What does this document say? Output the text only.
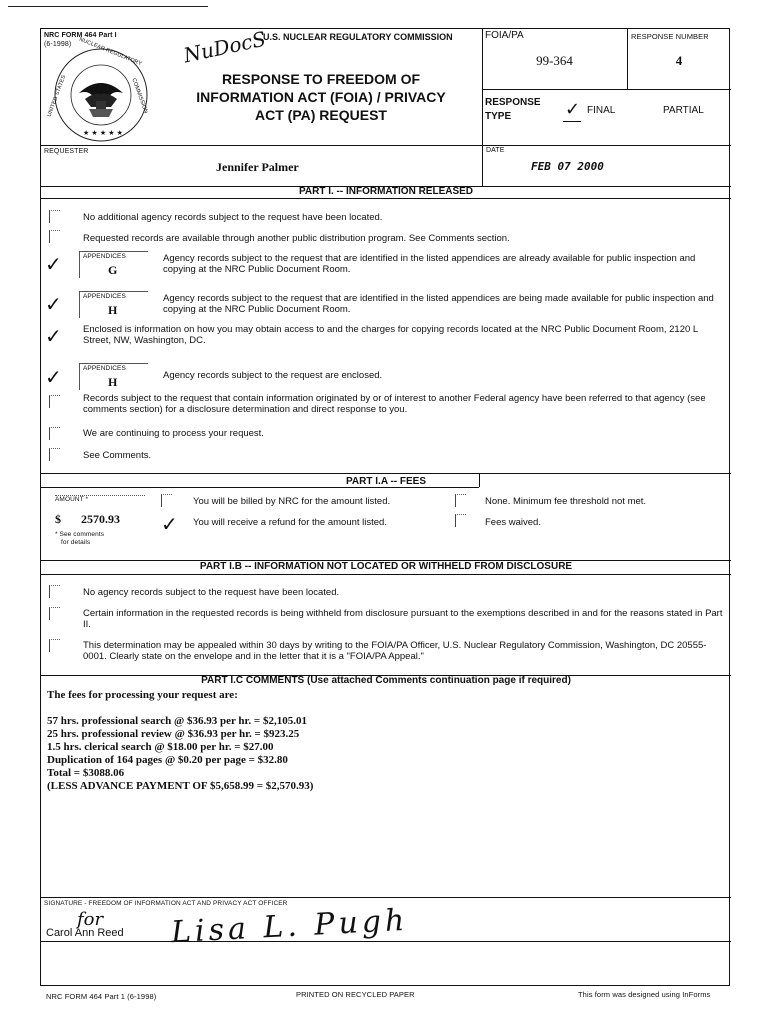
NRC FORM 464 Part I
(6-1998)
U.S. NUCLEAR REGULATORY COMMISSION
NuDocS
NUCLEAR REGULATORY
UNITED STATES	COMMISSION
★ ★ ★ ★ ★
RESPONSE TO FREEDOM OF
INFORMATION ACT (FOIA) / PRIVACY
ACT (PA) REQUEST
FOIA/PA
99-364
RESPONSE NUMBER
4
RESPONSE
TYPE	✓ FINAL	PARTIAL
REQUESTER
Jennifer Palmer
DATE
FEB 07 2000
PART I. -- INFORMATION RELEASED
No additional agency records subject to the request have been located.
Requested records are available through another public distribution program. See Comments section.
✓	APPENDICES
G
Agency records subject to the request that are identified in the listed appendices are already available for public inspection and copying at the NRC Public Document Room.
✓	APPENDICES
H
Agency records subject to the request that are identified in the listed appendices are being made available for public inspection and copying at the NRC Public Document Room.
✓ Enclosed is information on how you may obtain access to and the charges for copying records located at the NRC Public Document Room, 2120 L Street, NW, Washington, DC.
✓	APPENDICES
H	Agency records subject to the request are enclosed.
Records subject to the request that contain information originated by or of interest to another Federal agency have been referred to that agency (see comments section) for a disclosure determination and direct response to you.
We are continuing to process your request.
See Comments.
PART I.A -- FEES
AMOUNT *
$ 2570.93
* See comments
for details
You will be billed by NRC for the amount listed.
✓ You will receive a refund for the amount listed.
None. Minimum fee threshold not met.
Fees waived.
PART I.B -- INFORMATION NOT LOCATED OR WITHHELD FROM DISCLOSURE
No agency records subject to the request have been located.
Certain information in the requested records is being withheld from disclosure pursuant to the exemptions described in and for the reasons stated in Part II.
This determination may be appealed within 30 days by writing to the FOIA/PA Officer, U.S. Nuclear Regulatory Commission, Washington, DC 20555-0001. Clearly state on the envelope and in the letter that it is a "FOIA/PA Appeal."
PART I.C COMMENTS (Use attached Comments continuation page if required)
The fees for processing your request are:
57 hrs. professional search @ $36.93 per hr. = $2,105.01
25 hrs. professional review @ $36.93 per hr. = $923.25
1.5 hrs. clerical search @ $18.00 per hr. = $27.00
Duplication of 164 pages @ $0.20 per page = $32.80
Total = $3088.06
(LESS ADVANCE PAYMENT OF $5,658.99 = $2,570.93)
SIGNATURE - FREEDOM OF INFORMATION ACT AND PRIVACY ACT OFFICER
Carol Ann Reed
for Lisa L. Pugh
NRC FORM 464 Part 1 (6-1998)	PRINTED ON RECYCLED PAPER	This form was designed using InForms
